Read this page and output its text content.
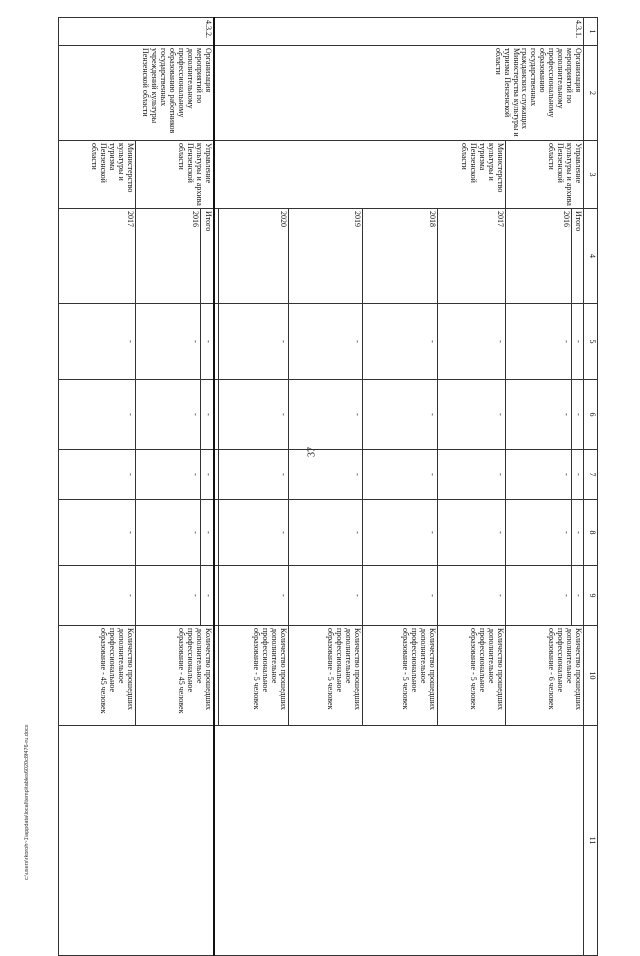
37
1	2	3	4	5	6	7	8	9	10	11
4.3.1.	Организация мероприятий по дополнительному профессиональному образованию государственных гражданских служащих Министерства культуры и туризма Пензенской области	Управление культуры и архива Пензенской области	Итого	-	-	-	-	-	Количество прошедших дополнительное профессиональное образование - 6 человек	
			2016	-	-	-	-	-		
		Министерство культуры и туризма Пензенской области	2017	-	-	-	-	-	Количество прошедших дополнительное профессиональное образование - 5 человек	
			2018	-	-	-	-	-	Количество прошедших дополнительное профессиональное образование - 5 человек	
			2019	-	-	-	-	-	Количество прошедших дополнительное профессиональное образование - 5 человек	
			2020	-	-	-	-	-	Количество прошедших дополнительное профессиональное образование - 5 человек	

4.3.2.	Организация мероприятий по дополнительному профессиональному образованию работников государственных учреждений культуры Пензенской области	Управление культуры и архива Пензенской области	Итого	-	-	-	-	-	Количество прошедших дополнительное профессиональное образование - 45 человек	
			2016	-	-	-	-	-		
		Министерство культуры и туризма Пензенской области	2017	-	-	-	-	-	Количество прошедших дополнительное профессиональное образование - 45 человек	
c:\users\rkoroh~1\appdata\local\temp\tables6020c8f476-ru.docx
